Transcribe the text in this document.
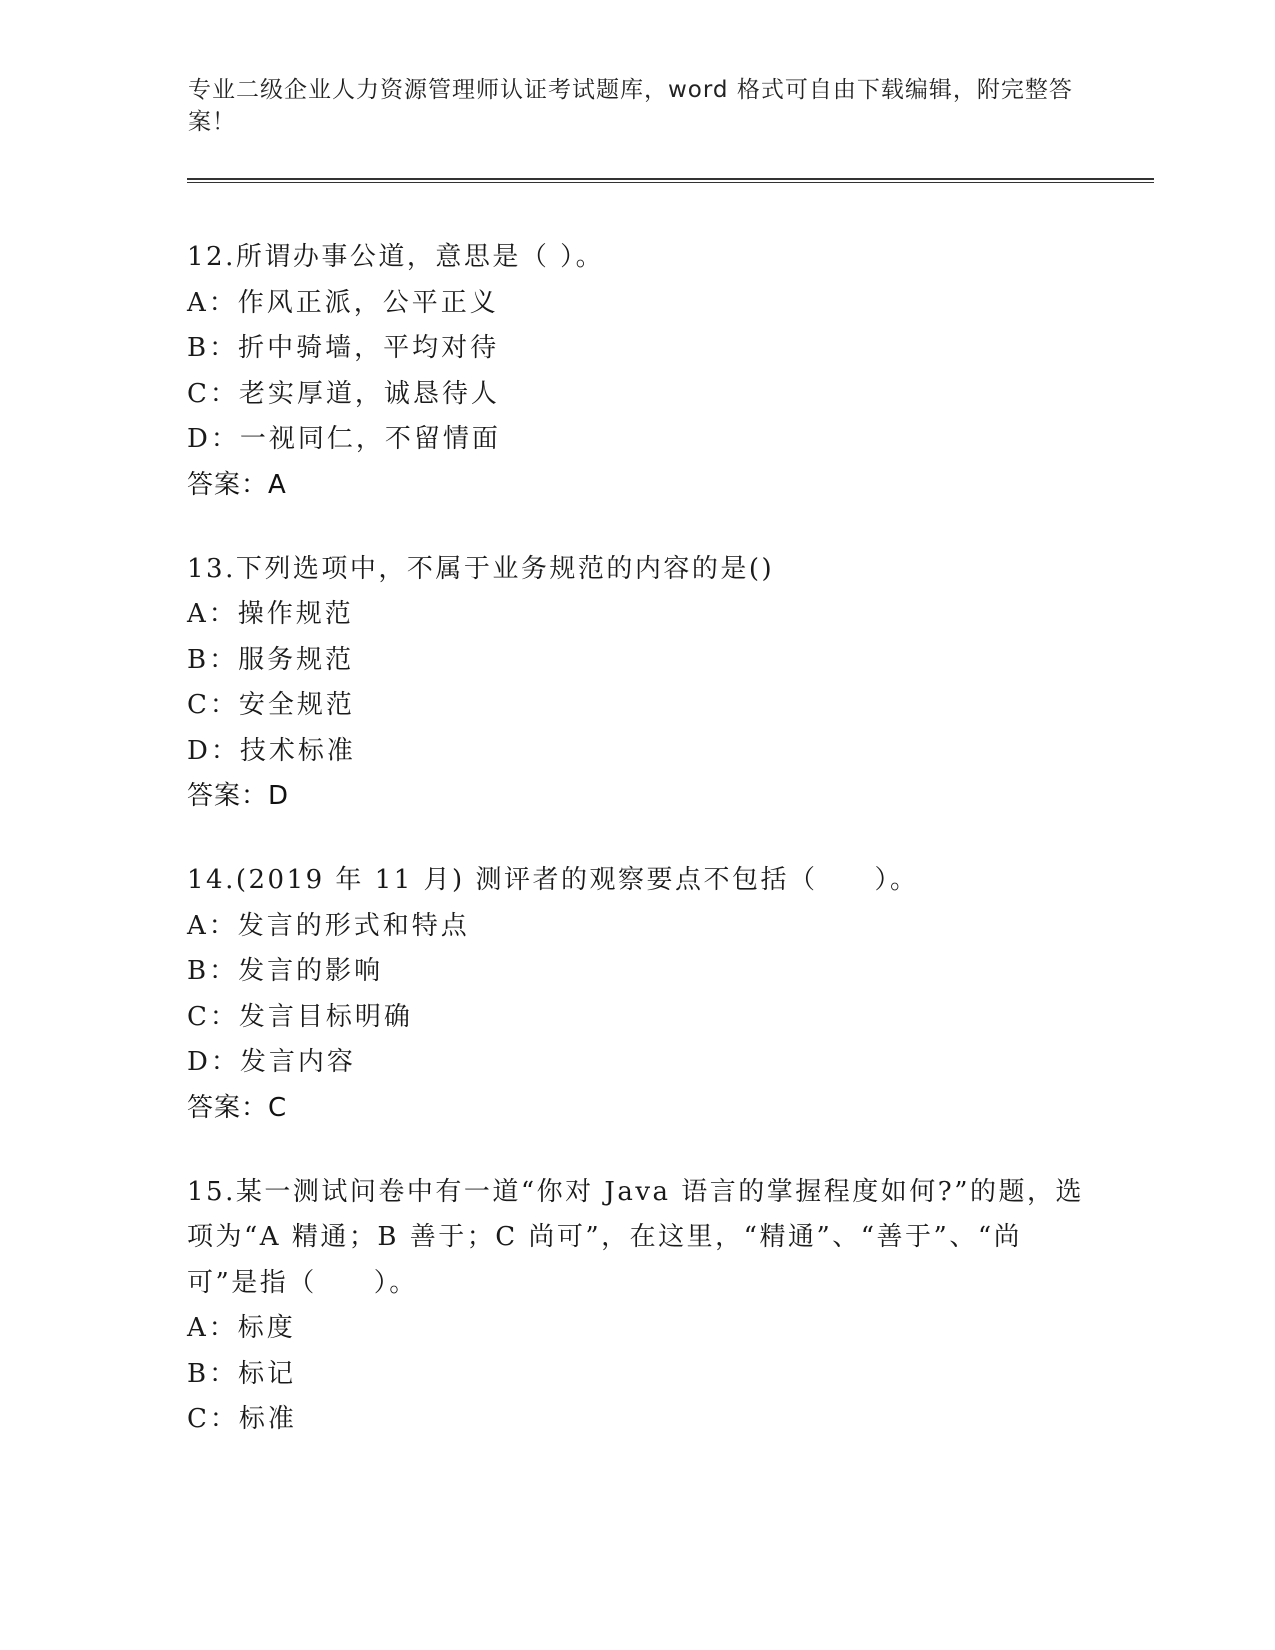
专业二级企业人力资源管理师认证考试题库，word 格式可自由下载编辑，附完整答案！
12.所谓办事公道，意思是（ ）。
A：作风正派，公平正义
B：折中骑墙，平均对待
C：老实厚道，诚恳待人
D：一视同仁，不留情面
答案：A
13.下列选项中，不属于业务规范的内容的是()
A：操作规范
B：服务规范
C：安全规范
D：技术标准
答案：D
14.(2019 年 11 月) 测评者的观察要点不包括（　　）。
A：发言的形式和特点
B：发言的影响
C：发言目标明确
D：发言内容
答案：C
15.某一测试问卷中有一道“你对 Java 语言的掌握程度如何?”的题，选项为“A 精通；B 善于；C 尚可”，在这里，“精通”、“善于”、“尚可”是指（　　）。
A：标度
B：标记
C：标准
